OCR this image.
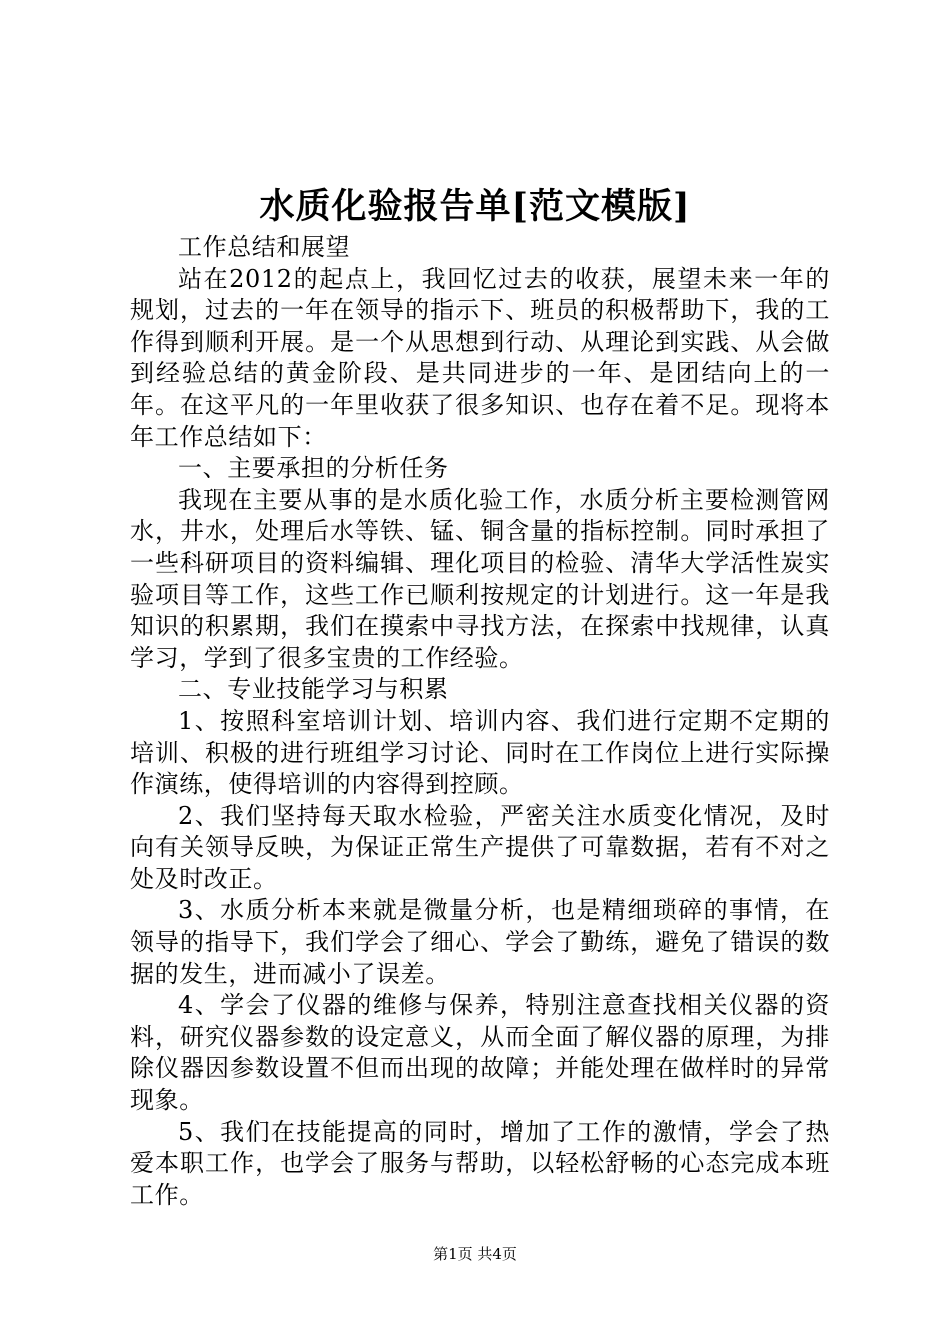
水质化验报告单[范文模版]

工作总结和展望

站在2012的起点上，我回忆过去的收获，展望未来一年的规划，过去的一年在领导的指示下、班员的积极帮助下，我的工作得到顺利开展。是一个从思想到行动、从理论到实践、从会做到经验总结的黄金阶段、是共同进步的一年、是团结向上的一年。在这平凡的一年里收获了很多知识、也存在着不足。现将本年工作总结如下：

一、主要承担的分析任务

我现在主要从事的是水质化验工作，水质分析主要检测管网水，井水，处理后水等铁、锰、铜含量的指标控制。同时承担了一些科研项目的资料编辑、理化项目的检验、清华大学活性炭实验项目等工作，这些工作已顺利按规定的计划进行。这一年是我知识的积累期，我们在摸索中寻找方法，在探索中找规律，认真学习，学到了很多宝贵的工作经验。

二、专业技能学习与积累

1、按照科室培训计划、培训内容、我们进行定期不定期的培训、积极的进行班组学习讨论、同时在工作岗位上进行实际操作演练，使得培训的内容得到控顾。

2、我们坚持每天取水检验，严密关注水质变化情况，及时向有关领导反映，为保证正常生产提供了可靠数据，若有不对之处及时改正。

3、水质分析本来就是微量分析，也是精细琐碎的事情，在领导的指导下，我们学会了细心、学会了勤练，避免了错误的数据的发生，进而减小了误差。

4、学会了仪器的维修与保养，特别注意查找相关仪器的资料，研究仪器参数的设定意义，从而全面了解仪器的原理，为排除仪器因参数设置不但而出现的故障；并能处理在做样时的异常现象。

5、我们在技能提高的同时，增加了工作的激情，学会了热爱本职工作，也学会了服务与帮助，以轻松舒畅的心态完成本班工作。

第1页 共4页
